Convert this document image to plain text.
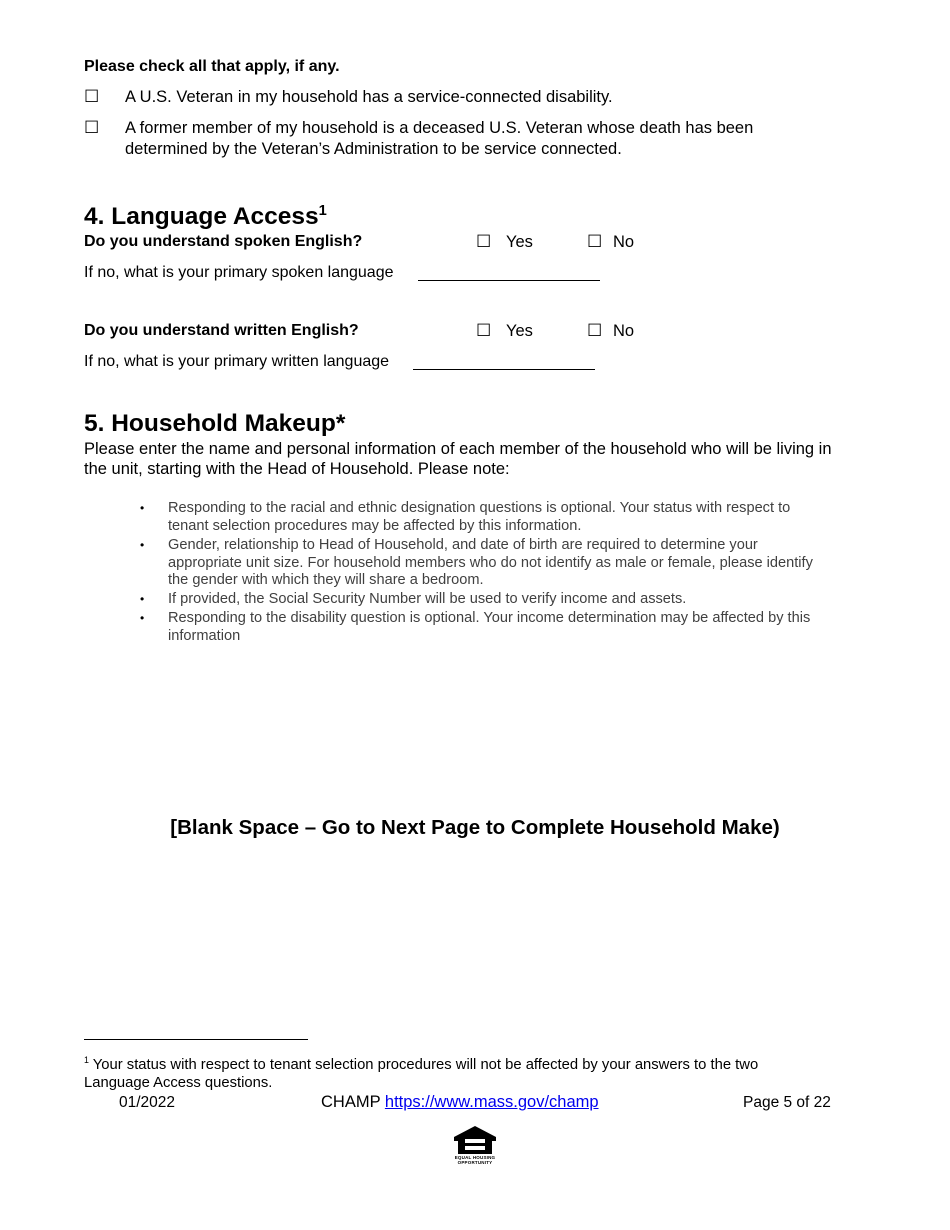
Please check all that apply, if any.
☐ A U.S. Veteran in my household has a service-connected disability.
☐ A former member of my household is a deceased U.S. Veteran whose death has been
determined by the Veteran’s Administration to be service connected.
4. Language Access$^1$
Do you understand spoken English?	☐ Yes	☐ No
If no, what is your primary spoken language
Do you understand written English?	☐ Yes	☐ No
If no, what is your primary written language
5. Household Makeup*
Please enter the name and personal information of each member of the household who will be living in
the unit, starting with the Head of Household. Please note:
• Responding to the racial and ethnic designation questions is optional. Your status with respect to
tenant selection procedures may be affected by this information.
• Gender, relationship to Head of Household, and date of birth are required to determine your
appropriate unit size. For household members who do not identify as male or female, please identify
the gender with which they will share a bedroom.
• If provided, the Social Security Number will be used to verify income and assets.
• Responding to the disability question is optional. Your income determination may be affected by this
information
[Blank Space – Go to Next Page to Complete Household Make)
$^1$ Your status with respect to tenant selection procedures will not be affected by your answers to the two
Language Access questions.
01/2022	CHAMP https://www.mass.gov/champ	Page 5 of 22
EQUAL HOUSING OPPORTUNITY
